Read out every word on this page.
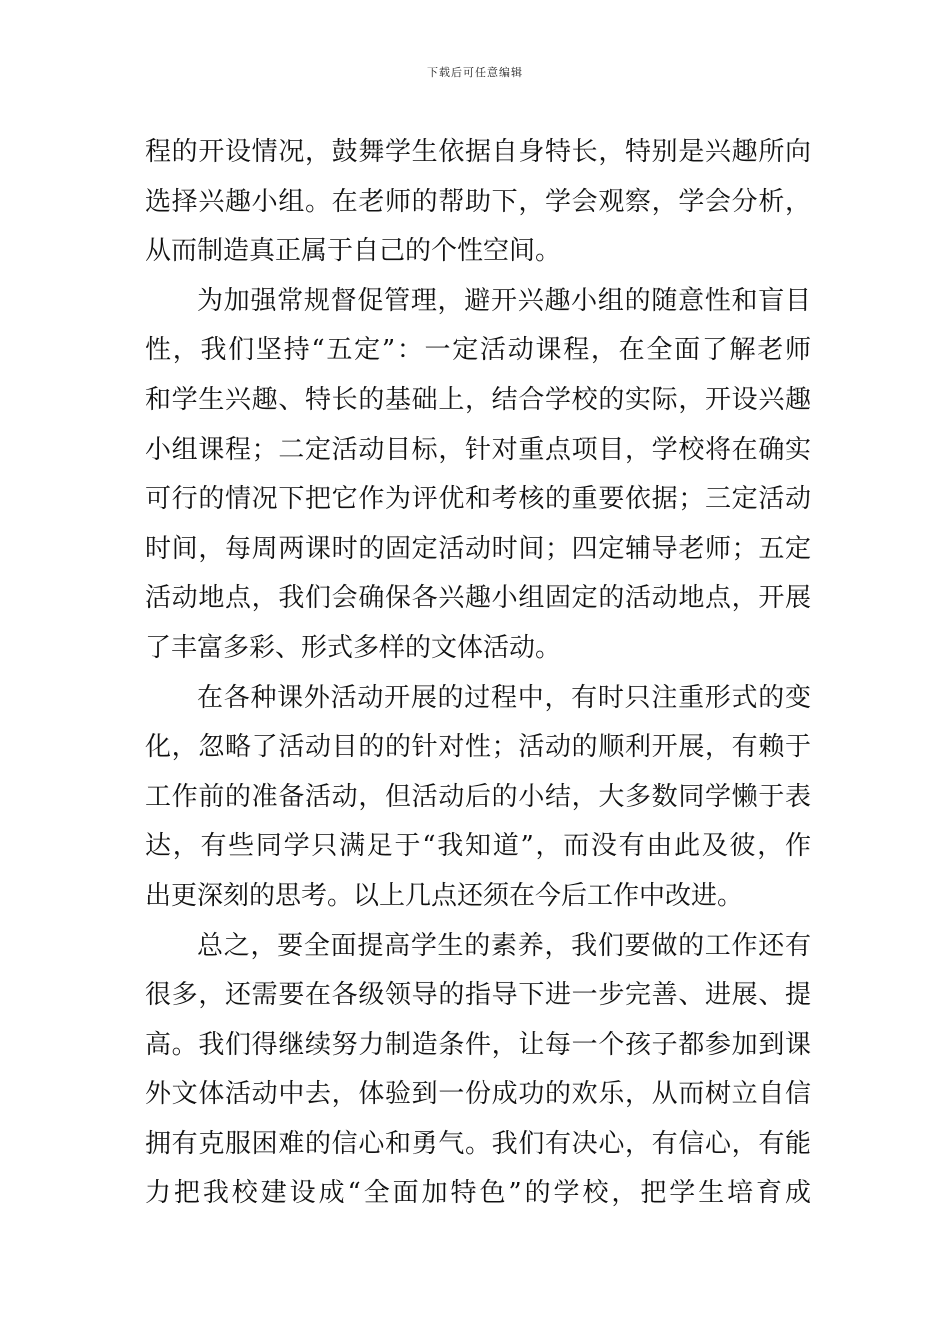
下载后可任意编辑
程的开设情况，鼓舞学生依据自身特长，特别是兴趣所向
选择兴趣小组。在老师的帮助下，学会观察，学会分析，
从而制造真正属于自己的个性空间。
为加强常规督促管理，避开兴趣小组的随意性和盲目
性，我们坚持“五定”：一定活动课程，在全面了解老师
和学生兴趣、特长的基础上，结合学校的实际，开设兴趣
小组课程；二定活动目标，针对重点项目，学校将在确实
可行的情况下把它作为评优和考核的重要依据；三定活动
时间，每周两课时的固定活动时间；四定辅导老师；五定
活动地点，我们会确保各兴趣小组固定的活动地点，开展
了丰富多彩、形式多样的文体活动。
在各种课外活动开展的过程中，有时只注重形式的变
化，忽略了活动目的的针对性；活动的顺利开展，有赖于
工作前的准备活动，但活动后的小结，大多数同学懒于表
达，有些同学只满足于“我知道”，而没有由此及彼，作
出更深刻的思考。以上几点还须在今后工作中改进。
总之，要全面提高学生的素养，我们要做的工作还有
很多，还需要在各级领导的指导下进一步完善、进展、提
高。我们得继续努力制造条件，让每一个孩子都参加到课
外文体活动中去，体验到一份成功的欢乐，从而树立自信
拥有克服困难的信心和勇气。我们有决心，有信心，有能
力把我校建设成“全面加特色”的学校，把学生培育成
